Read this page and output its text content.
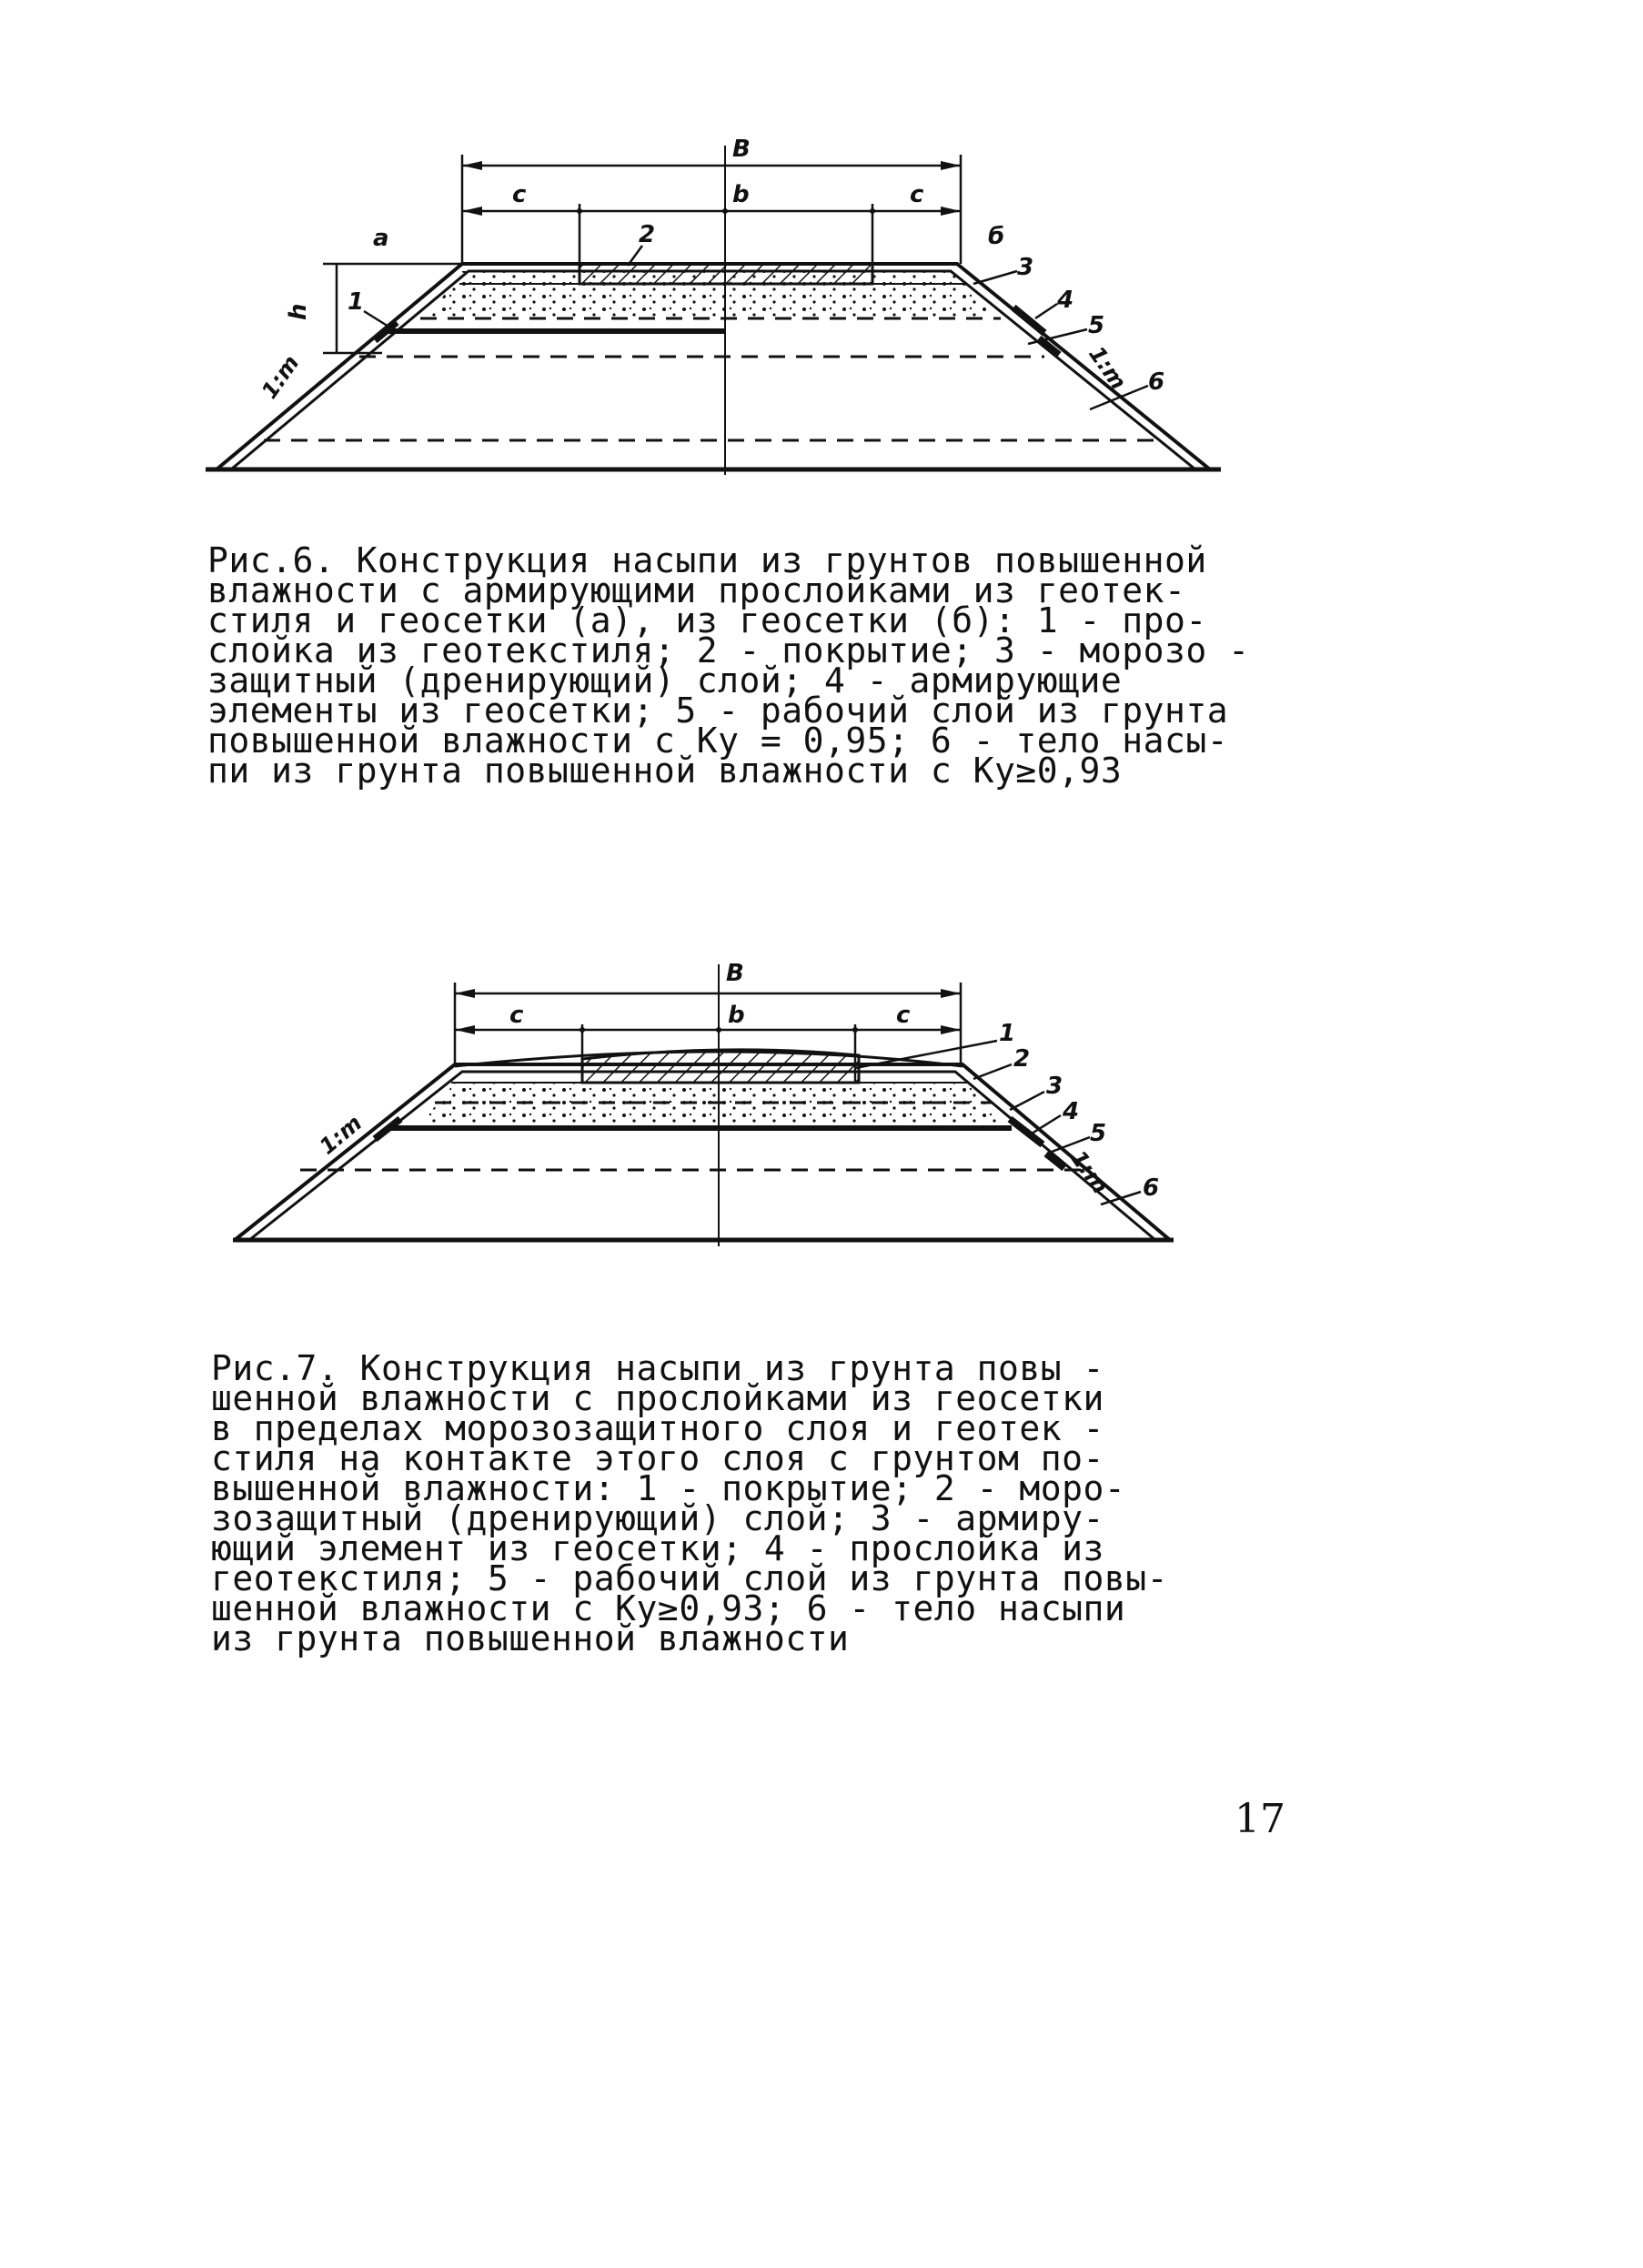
B
c	b	c
a	б
h
1:m	1:m
1
2
3
4
5
6
Рис.6. Конструкция насыпи из грунтов повышенной
влажности с армирующими прослойками из геотек-
стиля и геосетки (а), из геосетки (б): 1 - про-
слойка из геотекстиля; 2 - покрытие; 3 - морозо -
защитный (дренирующий) слой; 4 - армирующие
элементы из геосетки; 5 - рабочий слой из грунта
повышенной влажности с Kу = 0,95; 6 - тело насы-
пи из грунта повышенной влажности с Kу≥0,93
B
c	b	c
1:m
1:m
1
2
3
4
5
6
Рис.7. Конструкция насыпи из грунта повы -
шенной влажности с прослойками из геосетки
в пределах морозозащитного слоя и геотек -
стиля на контакте этого слоя с грунтом по-
вышенной влажности: 1 - покрытие; 2 - моро-
зозащитный (дренирующий) слой; 3 - армиру-
ющий элемент из геосетки; 4 - прослойка из
геотекстиля; 5 - рабочий слой из грунта повы-
шенной влажности с Kу≥0,93; 6 - тело насыпи
из грунта повышенной влажности
17
